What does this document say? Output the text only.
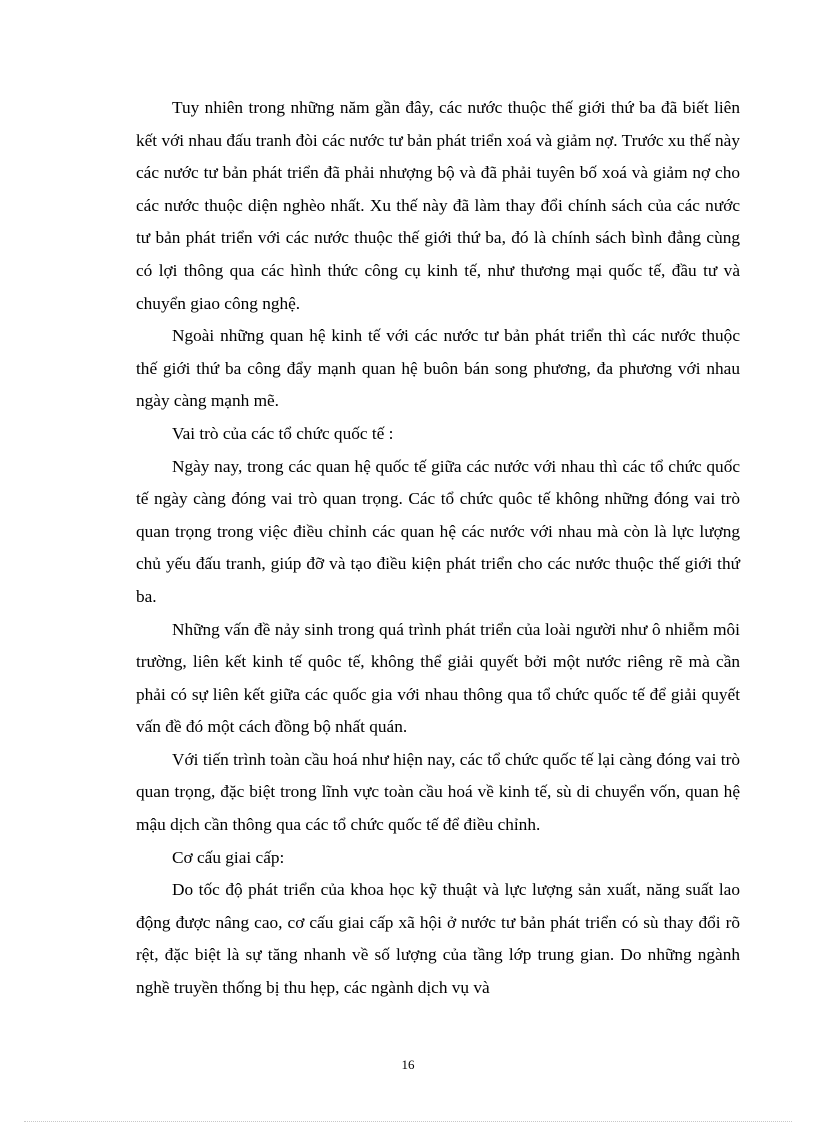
Tuy nhiên trong những năm gần đây, các nước thuộc thế giới thứ ba đã biết liên kết với nhau đấu tranh đòi các nước tư bản phát triển xoá và giảm nợ. Trước xu thế này các nước tư bản phát triển đã phải nhượng bộ và đã phải tuyên bố xoá và giảm nợ cho các nước thuộc diện nghèo nhất. Xu thế này đã làm thay đổi chính sách của các nước tư bản phát triển với các nước thuộc thế giới thứ ba, đó là chính sách bình đẳng cùng có lợi thông qua các hình thức công cụ kinh tế, như thương mại quốc tế, đầu tư và chuyển giao công nghệ.

Ngoài những quan hệ kinh tế với các nước tư bản phát triển thì các nước thuộc thế giới thứ ba công đẩy mạnh quan hệ buôn bán song phương, đa phương với nhau ngày càng mạnh mẽ.

Vai trò của các tổ chức quốc tế :

Ngày nay, trong các quan hệ quốc tế giữa các nước với nhau thì các tổ chức quốc tế ngày càng đóng vai trò quan trọng. Các tổ chức quôc tế không những đóng vai trò quan trọng trong việc điều chỉnh các quan hệ các nước với nhau mà còn là lực lượng chủ yếu đấu tranh, giúp đỡ và tạo điều kiện phát triển cho các nước thuộc thế giới thứ ba.

Những vấn đề nảy sinh trong quá trình phát triển của loài người như ô nhiễm môi trường, liên kết kinh tế quôc tế, không thể giải quyết bởi một nước riêng rẽ mà cần phải có sự liên kết giữa các quốc gia với nhau thông qua tổ chức quốc tế để giải quyết vấn đề đó một cách đồng bộ nhất quán.

Với tiến trình toàn cầu hoá như hiện nay, các tổ chức quốc tế lại càng đóng vai trò quan trọng, đặc biệt trong lĩnh vực toàn cầu hoá về kinh tế, sù di chuyển vốn, quan hệ mậu dịch cần thông qua các tổ chức quốc tế để điều chỉnh.

Cơ cấu giai cấp:

Do tốc độ phát triển của khoa học kỹ thuật và lực lượng sản xuất, năng suất lao động được nâng cao, cơ cấu giai cấp xã hội ở nước tư bản phát triển có sù thay đổi rõ rệt, đặc biệt là sự tăng nhanh về số lượng của tầng lớp trung gian. Do những ngành nghề truyền thống bị thu hẹp, các ngành dịch vụ và

16
